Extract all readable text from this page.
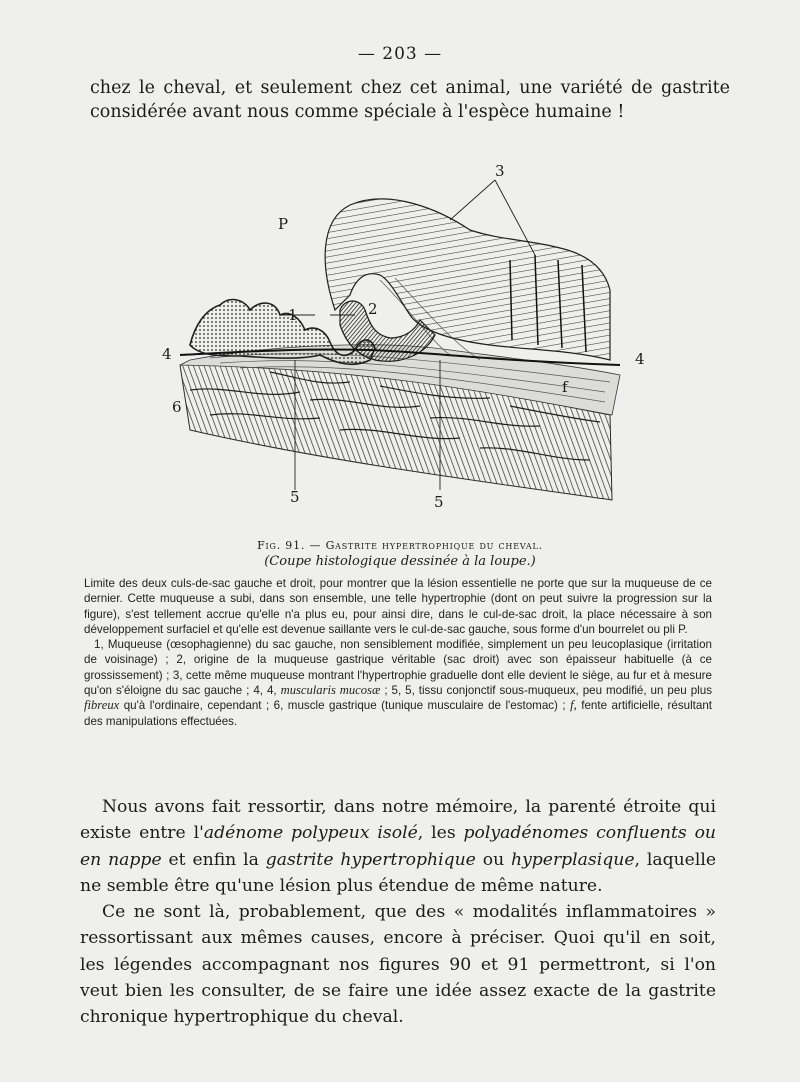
— 203 —
chez le cheval, et seulement chez cet animal, une variété de gastrite considérée avant nous comme spéciale à l'espèce humaine !
3
P
1	2
4	4
f
6
5	5
Fig. 91. — Gastrite hypertrophique du cheval.
(Coupe histologique dessinée à la loupe.)

Limite des deux culs-de-sac gauche et droit, pour montrer que la lésion essentielle ne porte que sur la muqueuse de ce dernier. Cette muqueuse a subi, dans son ensemble, une telle hypertrophie (dont on peut suivre la progression sur la figure), s'est tellement accrue qu'elle n'a plus eu, pour ainsi dire, dans le cul-de-sac droit, la place nécessaire à son développement surfaciel et qu'elle est devenue saillante vers le cul-de-sac gauche, sous forme d'un bourrelet ou pli P.

1, Muqueuse (œsophagienne) du sac gauche, non sensiblement modifiée, simplement un peu leucoplasique (irritation de voisinage) ; 2, origine de la muqueuse gastrique véritable (sac droit) avec son épaisseur habituelle (à ce grossissement) ; 3, cette même muqueuse montrant l'hypertrophie graduelle dont elle devient le siège, au fur et à mesure qu'on s'éloigne du sac gauche ; 4, 4, muscularis mucosæ ; 5, 5, tissu conjonctif sous-muqueux, peu modifié, un peu plus fibreux qu'à l'ordinaire, cependant ; 6, muscle gastrique (tunique musculaire de l'estomac) ; f, fente artificielle, résultant des manipulations effectuées.

Nous avons fait ressortir, dans notre mémoire, la parenté étroite qui existe entre l'adénome polypeux isolé, les polyadénomes confluents ou en nappe et enfin la gastrite hypertrophique ou hyperplasique, laquelle ne semble être qu'une lésion plus étendue de même nature.

Ce ne sont là, probablement, que des « modalités inflammatoires » ressortissant aux mêmes causes, encore à préciser. Quoi qu'il en soit, les légendes accompagnant nos figures 90 et 91 permettront, si l'on veut bien les consulter, de se faire une idée assez exacte de la gastrite chronique hypertrophique du cheval.
